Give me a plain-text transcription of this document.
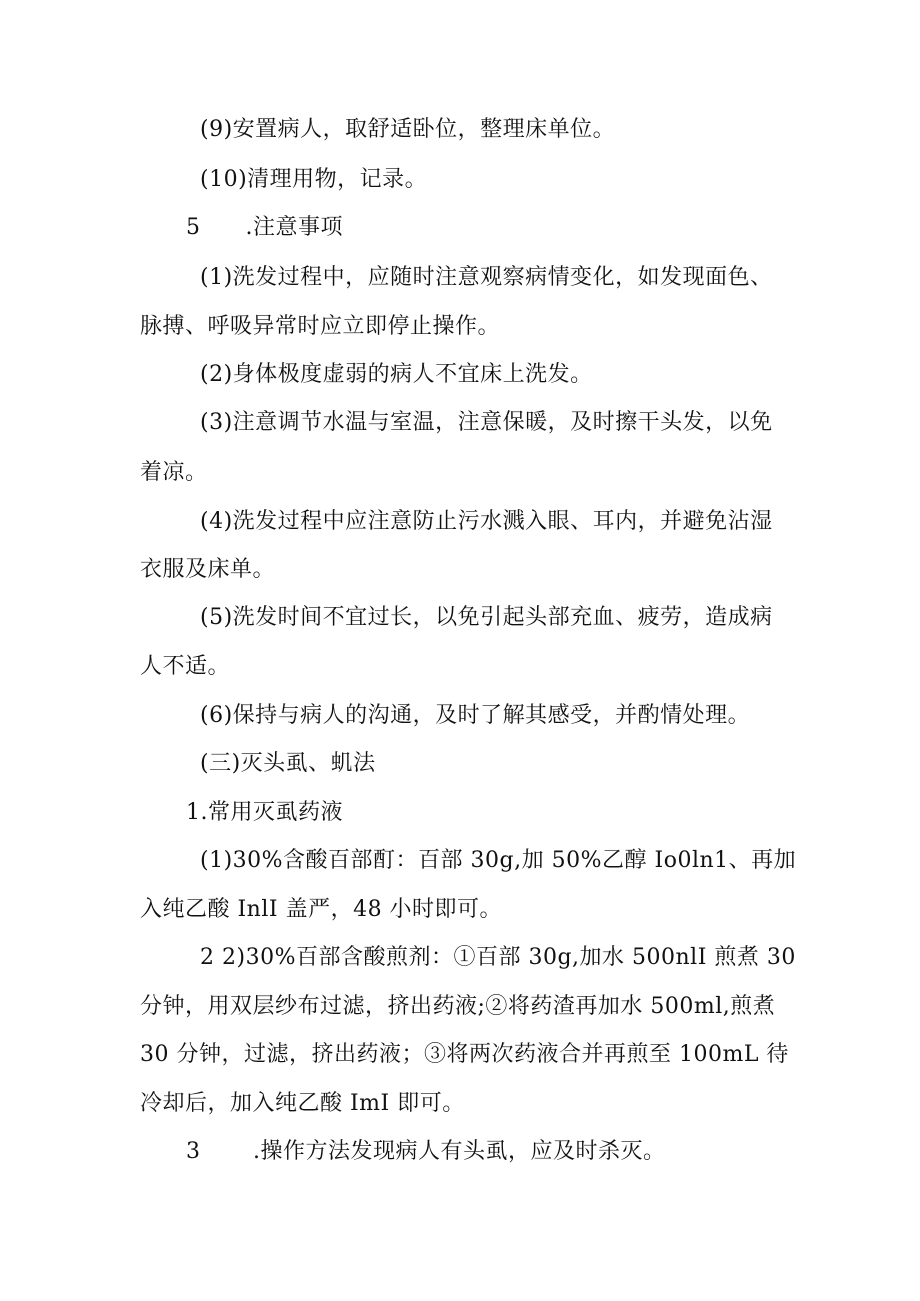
(9)安置病人，取舒适卧位，整理床单位。
(10)清理用物，记录。
5      .注意事项
(1)洗发过程中，应随时注意观察病情变化，如发现面色、
脉搏、呼吸异常时应立即停止操作。
(2)身体极度虚弱的病人不宜床上洗发。
(3)注意调节水温与室温，注意保暖，及时擦干头发，以免
着凉。
(4)洗发过程中应注意防止污水溅入眼、耳内，并避免沾湿
衣服及床单。
(5)洗发时间不宜过长，以免引起头部充血、疲劳，造成病
人不适。
(6)保持与病人的沟通，及时了解其感受，并酌情处理。
(三)灭头虱、虮法
1.常用灭虱药液
(1)30%含酸百部酊：百部 30g,加 50%乙醇 Io0ln1、再加
入纯乙酸 InlI 盖严，48 小时即可。
2 2)30%百部含酸煎剂：①百部 30g,加水 500nlI 煎煮 30
分钟，用双层纱布过滤，挤出药液;②将药渣再加水 500ml,煎煮
30 分钟，过滤，挤出药液；③将两次药液合并再煎至 100mL 待
冷却后，加入纯乙酸 ImI 即可。
3       .操作方法发现病人有头虱，应及时杀灭。
